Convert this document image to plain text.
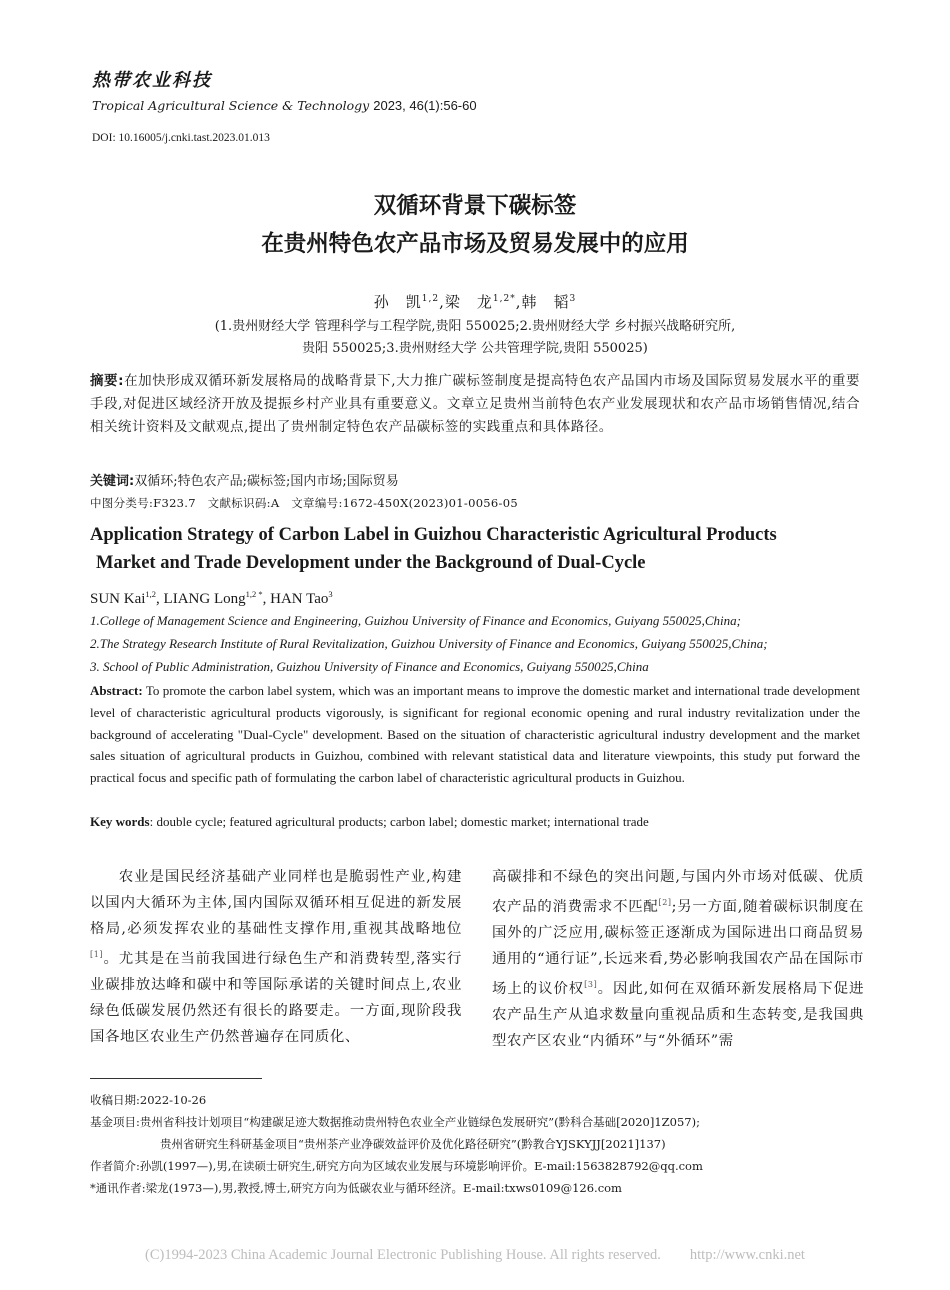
热带农业科技
Tropical Agricultural Science & Technology 2023, 46(1):56-60
DOI: 10.16005/j.cnki.tast.2023.01.013
双循环背景下碳标签
在贵州特色农产品市场及贸易发展中的应用
孙　凯$^{1,2}$,梁　龙$^{1,2*}$,韩　韬$^3$
(1.贵州财经大学 管理科学与工程学院,贵阳 550025;2.贵州财经大学 乡村振兴战略研究所,
贵阳 550025;3.贵州财经大学 公共管理学院,贵阳 550025)
摘要:在加快形成双循环新发展格局的战略背景下,大力推广碳标签制度是提高特色农产品国内市场及国际贸易发展水平的重要手段,对促进区域经济开放及提振乡村产业具有重要意义。文章立足贵州当前特色农产业发展现状和农产品市场销售情况,结合相关统计资料及文献观点,提出了贵州制定特色农产品碳标签的实践重点和具体路径。
关键词:双循环;特色农产品;碳标签;国内市场;国际贸易
中图分类号:F323.7　文献标识码:A　文章编号:1672-450X(2023)01-0056-05
Application Strategy of Carbon Label in Guizhou Characteristic Agricultural Products
Market and Trade Development under the Background of Dual-Cycle
SUN Kai$^{1,2}$, LIANG Long$^{1,2 *}$, HAN Tao$^3$
1.College of Management Science and Engineering, Guizhou University of Finance and Economics, Guiyang 550025,China;
2.The Strategy Research Institute of Rural Revitalization, Guizhou University of Finance and Economics, Guiyang 550025,China;
3. School of Public Administration, Guizhou University of Finance and Economics, Guiyang 550025,China
Abstract: To promote the carbon label system, which was an important means to improve the domestic market and international trade development level of characteristic agricultural products vigorously, is significant for regional economic opening and rural industry revitalization under the background of accelerating "Dual-Cycle" development. Based on the situation of characteristic agricultural industry development and the market sales situation of agricultural products in Guizhou, combined with relevant statistical data and literature viewpoints, this study put forward the practical focus and specific path of formulating the carbon label of characteristic agricultural products in Guizhou.
Key words: double cycle; featured agricultural products; carbon label; domestic market; international trade
农业是国民经济基础产业同样也是脆弱性产业,构建以国内大循环为主体,国内国际双循环相互促进的新发展格局,必须发挥农业的基础性支撑作用,重视其战略地位[1]。尤其是在当前我国进行绿色生产和消费转型,落实行业碳排放达峰和碳中和等国际承诺的关键时间点上,农业绿色低碳发展仍然还有很长的路要走。一方面,现阶段我国各地区农业生产仍然普遍存在同质化、
高碳排和不绿色的突出问题,与国内外市场对低碳、优质农产品的消费需求不匹配[2];另一方面,随着碳标识制度在国外的广泛应用,碳标签正逐渐成为国际进出口商品贸易通用的“通行证”,长远来看,势必影响我国农产品在国际市场上的议价权[3]。因此,如何在双循环新发展格局下促进农产品生产从追求数量向重视品质和生态转变,是我国典型农产区农业“内循环”与“外循环”需
收稿日期:2022-10-26
基金项目:贵州省科技计划项目“构建碳足迹大数据推动贵州特色农业全产业链绿色发展研究”(黔科合基础[2020]1Z057);
贵州省研究生科研基金项目“贵州茶产业净碳效益评价及优化路径研究”(黔教合YJSKYJJ[2021]137)
作者简介:孙凯(1997—),男,在读硕士研究生,研究方向为区域农业发展与环境影响评价。E-mail:1563828792@qq.com
*通讯作者:梁龙(1973—),男,教授,博士,研究方向为低碳农业与循环经济。E-mail:txws0109@126.com
(C)1994-2023 China Academic Journal Electronic Publishing House. All rights reserved.　　http://www.cnki.net
